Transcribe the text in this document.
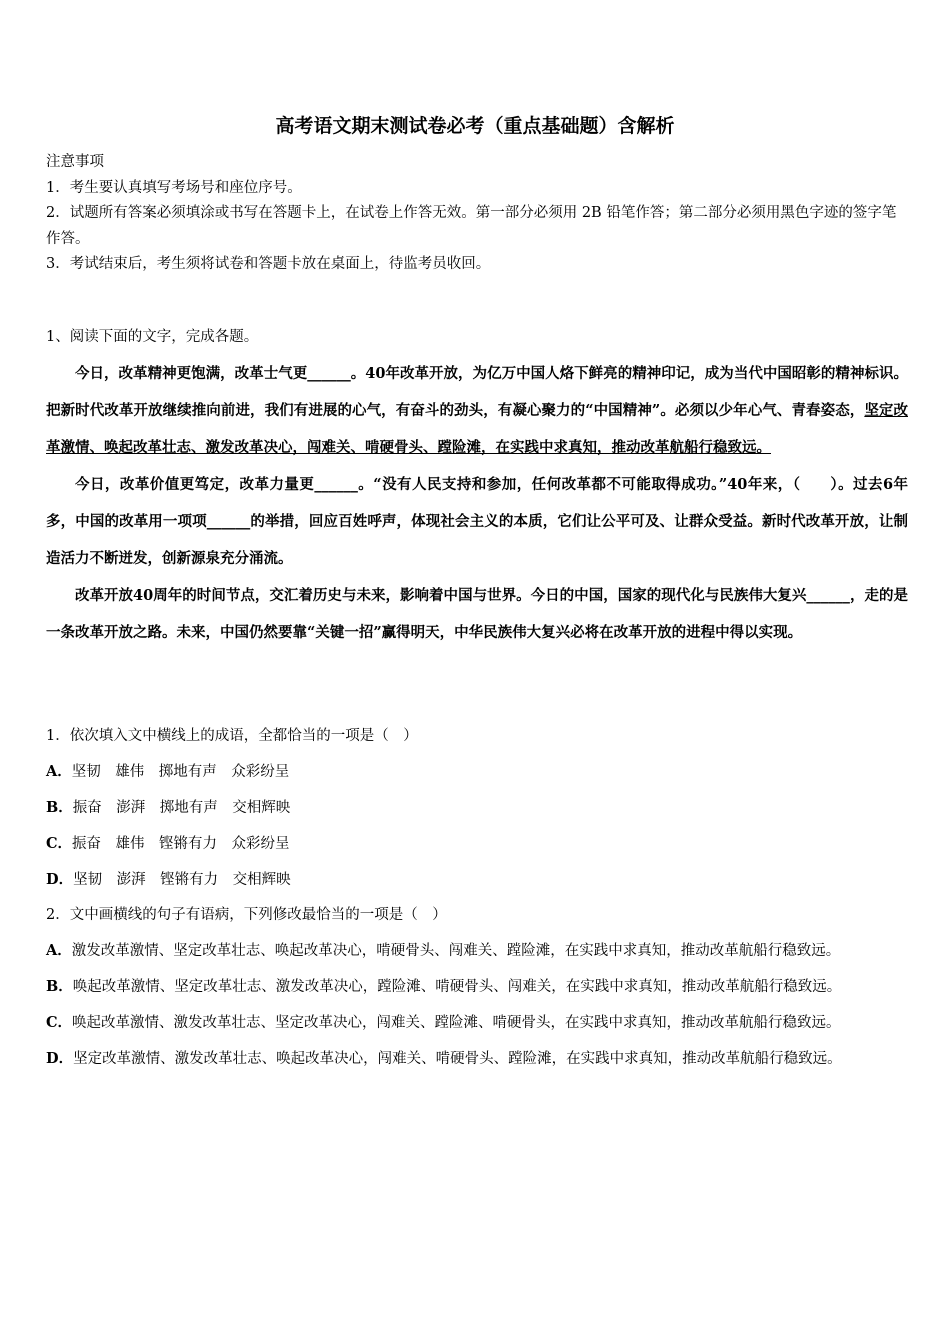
高考语文期末测试卷必考（重点基础题）含解析

注意事项

1．考生要认真填写考场号和座位序号。

2．试题所有答案必须填涂或书写在答题卡上，在试卷上作答无效。第一部分必须用 2B 铅笔作答；第二部分必须用黑色字迹的签字笔作答。

3．考试结束后，考生须将试卷和答题卡放在桌面上，待监考员收回。

1、阅读下面的文字，完成各题。

今日，改革精神更饱满，改革士气更______。40年改革开放，为亿万中国人烙下鲜亮的精神印记，成为当代中国昭彰的精神标识。把新时代改革开放继续推向前进，我们有进展的心气，有奋斗的劲头，有凝心聚力的“中国精神”。必须以少年心气、青春姿态，坚定改革激情、唤起改革壮志、激发改革决心，闯难关、啃硬骨头、蹚险滩，在实践中求真知，推动改革航船行稳致远。

今日，改革价值更笃定，改革力量更______。“没有人民支持和参加，任何改革都不可能取得成功。”40年来，（　　）。过去6年多，中国的改革用一项项______的举措，回应百姓呼声，体现社会主义的本质，它们让公平可及、让群众受益。新时代改革开放，让制造活力不断迸发，创新源泉充分涌流。

改革开放40周年的时间节点，交汇着历史与未来，影响着中国与世界。今日的中国，国家的现代化与民族伟大复兴______，走的是一条改革开放之路。未来，中国仍然要靠“关键一招”赢得明天，中华民族伟大复兴必将在改革开放的进程中得以实现。

1．依次填入文中横线上的成语，全都恰当的一项是（　）

A．坚韧　雄伟　掷地有声　众彩纷呈

B．振奋　澎湃　掷地有声　交相辉映

C．振奋　雄伟　铿锵有力　众彩纷呈

D．坚韧　澎湃　铿锵有力　交相辉映

2．文中画横线的句子有语病，下列修改最恰当的一项是（　）

A．激发改革激情、坚定改革壮志、唤起改革决心，啃硬骨头、闯难关、蹚险滩，在实践中求真知，推动改革航船行稳致远。

B．唤起改革激情、坚定改革壮志、激发改革决心，蹚险滩、啃硬骨头、闯难关，在实践中求真知，推动改革航船行稳致远。

C．唤起改革激情、激发改革壮志、坚定改革决心，闯难关、蹚险滩、啃硬骨头，在实践中求真知，推动改革航船行稳致远。

D．坚定改革激情、激发改革壮志、唤起改革决心，闯难关、啃硬骨头、蹚险滩，在实践中求真知，推动改革航船行稳致远。
